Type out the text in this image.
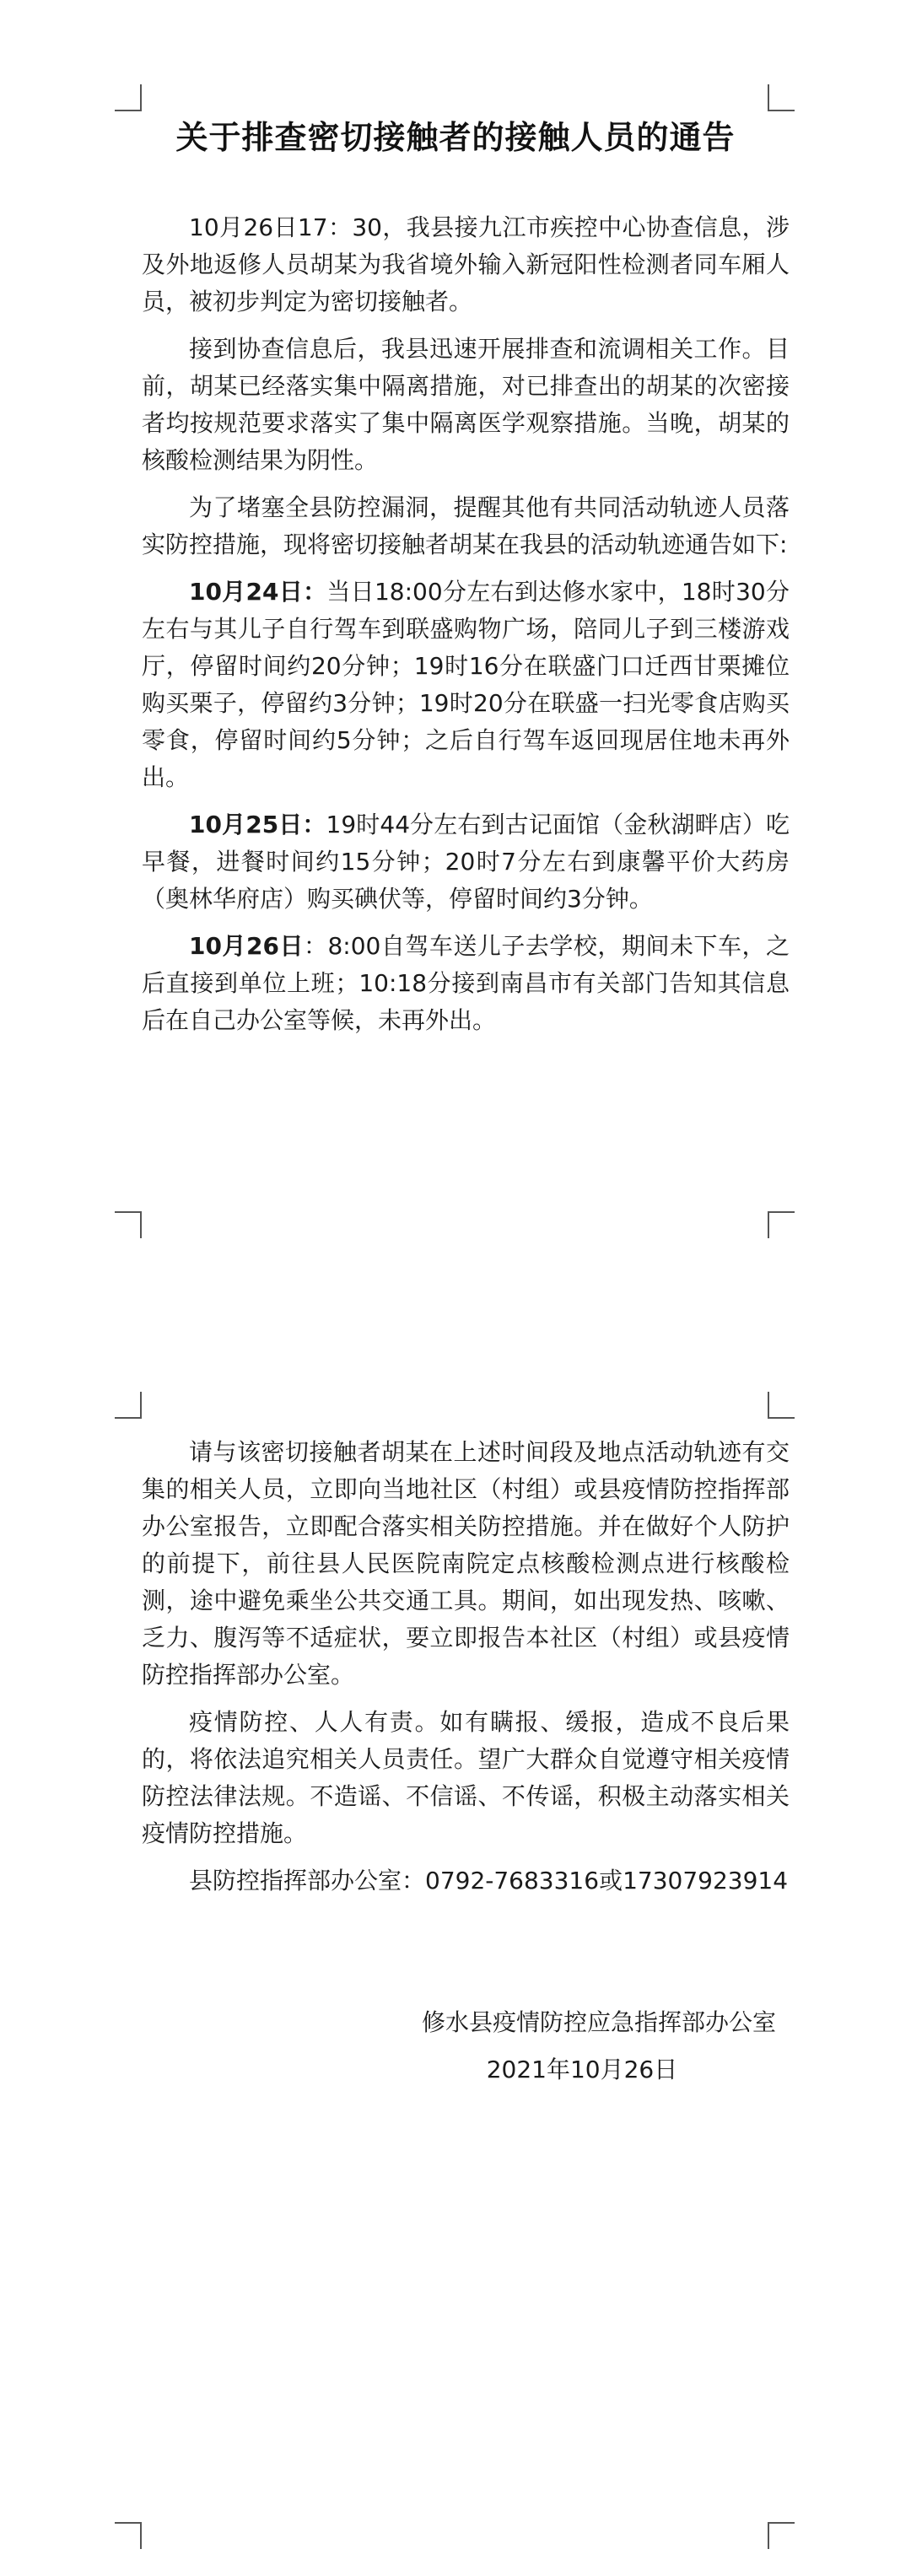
关于排查密切接触者的接触人员的通告

10月26日17：30，我县接九江市疾控中心协查信息，涉及外地返修人员胡某为我省境外输入新冠阳性检测者同车厢人员，被初步判定为密切接触者。

接到协查信息后，我县迅速开展排查和流调相关工作。目前，胡某已经落实集中隔离措施，对已排查出的胡某的次密接者均按规范要求落实了集中隔离医学观察措施。当晚，胡某的核酸检测结果为阴性。

为了堵塞全县防控漏洞，提醒其他有共同活动轨迹人员落实防控措施，现将密切接触者胡某在我县的活动轨迹通告如下:

10月24日：当日18:00分左右到达修水家中，18时30分左右与其儿子自行驾车到联盛购物广场，陪同儿子到三楼游戏厅，停留时间约20分钟；19时16分在联盛门口迁西甘栗摊位购买栗子，停留约3分钟；19时20分在联盛一扫光零食店购买零食，停留时间约5分钟；之后自行驾车返回现居住地未再外出。

10月25日：19时44分左右到古记面馆（金秋湖畔店）吃早餐，进餐时间约15分钟；20时7分左右到康馨平价大药房（奥林华府店）购买碘伏等，停留时间约3分钟。

10月26日：8:00自驾车送儿子去学校，期间未下车，之后直接到单位上班；10:18分接到南昌市有关部门告知其信息后在自己办公室等候，未再外出。

请与该密切接触者胡某在上述时间段及地点活动轨迹有交集的相关人员，立即向当地社区（村组）或县疫情防控指挥部办公室报告，立即配合落实相关防控措施。并在做好个人防护的前提下，前往县人民医院南院定点核酸检测点进行核酸检测，途中避免乘坐公共交通工具。期间，如出现发热、咳嗽、乏力、腹泻等不适症状，要立即报告本社区（村组）或县疫情防控指挥部办公室。

疫情防控、人人有责。如有瞒报、缓报，造成不良后果的，将依法追究相关人员责任。望广大群众自觉遵守相关疫情防控法律法规。不造谣、不信谣、不传谣，积极主动落实相关疫情防控措施。

县防控指挥部办公室：0792-7683316或17307923914

修水县疫情防控应急指挥部办公室
2021年10月26日
